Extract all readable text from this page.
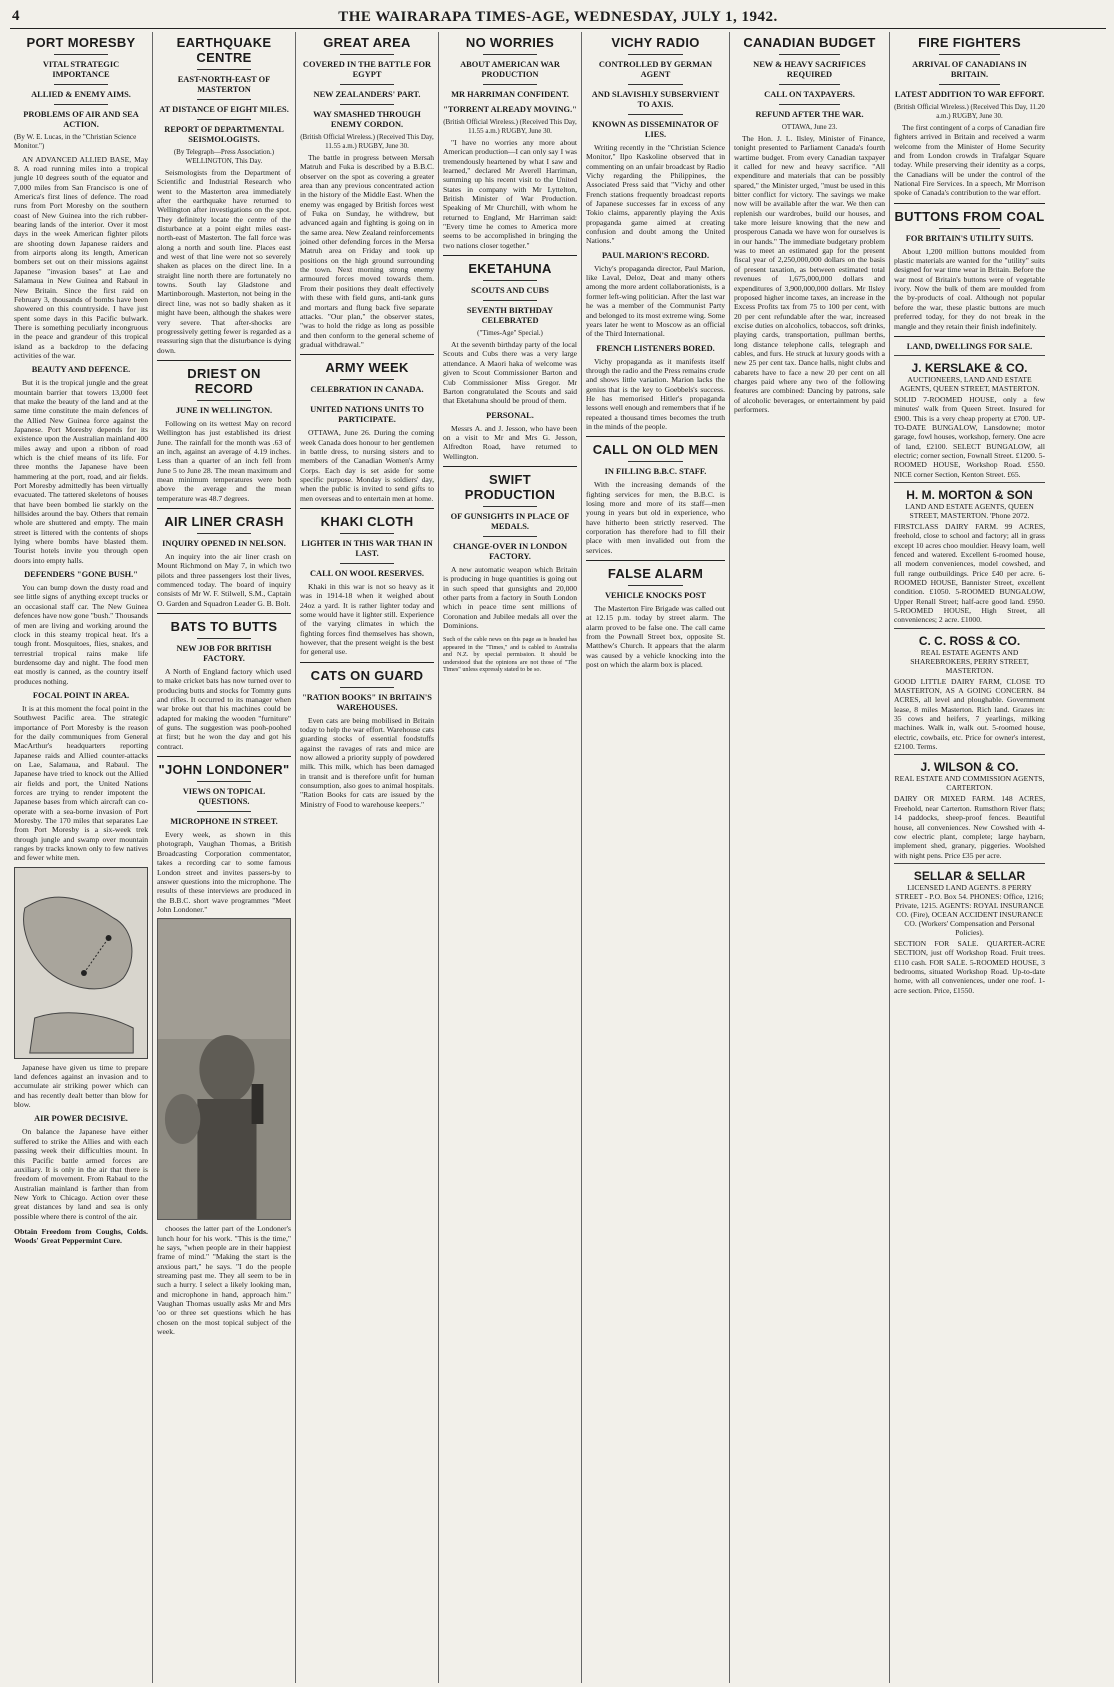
4	THE WAIRARAPA TIMES-AGE, WEDNESDAY, JULY 1, 1942.
PORT MORESBY
VITAL STRATEGIC IMPORTANCE
ALLIED & ENEMY AIMS.
PROBLEMS OF AIR AND SEA ACTION.
(By W. E. Lucas, in the "Christian Science Monitor.")

AN ADVANCED ALLIED BASE, May 8. A road running miles into a tropical jungle 10 degrees south of the equator and 7,000 miles from San Francisco is one of America's first lines of defence. The road runs from Port Moresby on the southern coast of New Guinea into the rich rubber-bearing lands of the interior. Over it most days in the week American fighter pilots are shooting down Japanese raiders and from airports along its length, American bombers set out on their missions against Japanese "invasion bases" at Lae and Salamaua in New Guinea and Rabaul in New Britain. Since the first raid on February 3, thousands of bombs have been showered on this countryside. I have just spent some days in this Pacific bulwark. There is something peculiarly incongruous in the peace and grandeur of this tropical island as a backdrop to the defacing activities of the war.

BEAUTY AND DEFENCE.

But it is the tropical jungle and the great mountain barrier that towers 13,000 feet that make the beauty of the land and at the same time constitute the main defences of the Allied New Guinea force against the Japanese. Port Moresby depends for its existence upon the Australian mainland 400 miles away and upon a ribbon of road which is the chief means of its life. For three months the Japanese have been hammering at the port, road, and air fields. Port Moresby admittedly has been virtually evacuated. The tattered skeletons of houses that have been bombed lie starkly on the hillsides around the bay. Others that remain whole are shuttered and empty. The main street is littered with the contents of shops lying where bombs have blasted them. Tourist hotels invite you through open doors into empty halls.

DEFENDERS "GONE BUSH."

You can bump down the dusty road and see little signs of anything except trucks or an occasional staff car. The New Guinea defences have now gone "bush." Thousands of men are living and working around the clock in this steamy tropical heat. It's a tough front. Mosquitoes, flies, snakes, and terrestrial tropical rains make life burdensome day and night. The food men eat mostly is canned, as the country itself produces nothing.

FOCAL POINT IN AREA.

It is at this moment the focal point in the Southwest Pacific area. The strategic importance of Port Moresby is the reason for the daily communiques from General MacArthur's headquarters reporting Japanese raids and Allied counter-attacks on Lae, Salamaua, and Rabaul. The Japanese have tried to knock out the Allied air fields and port, the United Nations forces are trying to render impotent the Japanese bases from which aircraft can co-operate with a sea-borne invasion of Port Moresby. The 170 miles that separates Lae from Port Moresby is a six-week trek through jungle and swamp over mountain ranges by tracks known only to few natives and fewer white men.

Japanese have given us time to prepare land defences against an invasion and to accumulate air striking power which can and has recently dealt better than blow for blow.

AIR POWER DECISIVE.

On balance the Japanese have either suffered to strike the Allies and with each passing week their difficulties mount. In this Pacific battle armed forces are auxiliary. It is only in the air that there is freedom of movement. From Rabaul to the Australian mainland is farther than from New York to Chicago. Action over these great distances by land and sea is only possible where there is control of the air.

Obtain Freedom from Coughs, Colds. Woods' Great Peppermint Cure.
EARTHQUAKE CENTRE
EAST-NORTH-EAST OF MASTERTON
AT DISTANCE OF EIGHT MILES.
REPORT OF DEPARTMENTAL SEISMOLOGISTS.
(By Telegraph—Press Association.) WELLINGTON, This Day.

Seismologists from the Department of Scientific and Industrial Research who went to the Masterton area immediately after the earthquake have returned to Wellington after investigations on the spot. They definitely locate the centre of the disturbance at a point eight miles east-north-east of Masterton. The fall force was along a north and south line. Places east and west of that line were not so severely shaken as places on the direct line. In a straight line north there are fortunately no towns. South lay Gladstone and Martinborough. Masterton, not being in the direct line, was not so badly shaken as it might have been, although the shakes were very severe. That after-shocks are progressively getting fewer is regarded as a reassuring sign that the disturbance is dying down.

DRIEST ON RECORD
JUNE IN WELLINGTON.

Following on its wettest May on record Wellington has just established its driest June. The rainfall for the month was .63 of an inch, against an average of 4.19 inches. Less than a quarter of an inch fell from June 5 to June 28. The mean maximum and mean minimum temperatures were both above the average and the mean temperature was 48.7 degrees.

AIR LINER CRASH
INQUIRY OPENED IN NELSON.

An inquiry into the air liner crash on Mount Richmond on May 7, in which two pilots and three passengers lost their lives, commenced today. The board of inquiry consists of Mr W. F. Stilwell, S.M., Captain O. Garden and Squadron Leader G. B. Bolt.

BATS TO BUTTS
NEW JOB FOR BRITISH FACTORY.

A North of England factory which used to make cricket bats has now turned over to producing butts and stocks for Tommy guns and rifles. It occurred to its manager when war broke out that his machines could be adapted for making the wooden "furniture" of guns. The suggestion was pooh-poohed at first; but he won the day and got his contract.

"JOHN LONDONER"
VIEWS ON TOPICAL QUESTIONS.
MICROPHONE IN STREET.

Every week, as shown in this photograph, Vaughan Thomas, a British Broadcasting Corporation commentator, takes a recording car to some famous London street and invites passers-by to answer questions into the microphone. The results of these interviews are produced in the B.B.C. short wave programmes "Meet John Londoner."

chooses the latter part of the Londoner's lunch hour for his work. "This is the time," he says, "when people are in their happiest frame of mind." "Making the start is the anxious part," he says. "I do the people streaming past me. They all seem to be in such a hurry. I select a likely looking man, and microphone in hand, approach him." Vaughan Thomas usually asks Mr and Mrs 'oo or three set questions which he has chosen on the most topical subject of the week.

GREAT AREA
COVERED IN THE BATTLE FOR EGYPT
NEW ZEALANDERS' PART.
WAY SMASHED THROUGH ENEMY CORDON.
(British Official Wireless.) (Received This Day, 11.55 a.m.) RUGBY, June 30.

The battle in progress between Mersah Matruh and Fuka is described by a B.B.C. observer on the spot as covering a greater area than any previous concentrated action in the history of the Middle East. When the enemy was engaged by British forces west of Fuka on Sunday, he withdrew, but advanced again and fighting is going on in the same area. New Zealand reinforcements joined other defending forces in the Mersa Matruh area on Friday and took up positions on the high ground surrounding the town. Next morning strong enemy armoured forces moved towards them. From their positions they dealt effectively with these with field guns, anti-tank guns and mortars and flung back five separate attacks. "Our plan," the observer states, "was to hold the ridge as long as possible and then conform to the general scheme of gradual withdrawal."

ARMY WEEK
CELEBRATION IN CANADA.
UNITED NATIONS UNITS TO PARTICIPATE.

OTTAWA, June 26. During the coming week Canada does honour to her gentlemen in battle dress, to nursing sisters and to members of the Canadian Women's Army Corps. Each day is set aside for some specific purpose. Monday is soldiers' day, when the public is invited to send gifts to men overseas and to entertain men at home.

KHAKI CLOTH
LIGHTER IN THIS WAR THAN IN LAST.
CALL ON WOOL RESERVES.

Khaki in this war is not so heavy as it was in 1914-18 when it weighed about 24oz a yard. It is rather lighter today and some would have it lighter still. Experience of the varying climates in which the fighting forces find themselves has shown, however, that the present weight is the best for general use.

CATS ON GUARD
"RATION BOOKS" IN BRITAIN'S WAREHOUSES.

Even cats are being mobilised in Britain today to help the war effort. Warehouse cats guarding stocks of essential foodstuffs against the ravages of rats and mice are now allowed a priority supply of powdered milk. This milk, which has been damaged in transit and is therefore unfit for human consumption, also goes to animal hospitals. "Ration Books for cats are issued by the Ministry of Food to warehouse keepers."

NO WORRIES
ABOUT AMERICAN WAR PRODUCTION
MR HARRIMAN CONFIDENT.
"TORRENT ALREADY MOVING."
(British Official Wireless.) (Received This Day, 11.55 a.m.) RUGBY, June 30.

"I have no worries any more about American production—I can only say I was tremendously heartened by what I saw and learned," declared Mr Averell Harriman, summing up his recent visit to the United States in company with Mr Lyttelton, British Minister of War Production. Speaking of Mr Churchill, with whom he returned to England, Mr Harriman said: "Every time he comes to America more seems to be accomplished in bringing the two nations closer together."

EKETAHUNA
SCOUTS AND CUBS
SEVENTH BIRTHDAY CELEBRATED
("Times-Age" Special.)

At the seventh birthday party of the local Scouts and Cubs there was a very large attendance. A Maori haka of welcome was given to Scout Commissioner Barton and Cub Commissioner Miss Gregor. Mr Barton congratulated the Scouts and said that Eketahuna should be proud of them.

PERSONAL.

Messrs A. and J. Jesson, who have been on a visit to Mr and Mrs G. Jesson, Alfredton Road, have returned to Wellington.

SWIFT PRODUCTION
OF GUNSIGHTS IN PLACE OF MEDALS.
CHANGE-OVER IN LONDON FACTORY.

A new automatic weapon which Britain is producing in huge quantities is going out in such speed that gunsights and 20,000 other parts from a factory in South London which in peace time sent millions of Coronation and Jubilee medals all over the Dominions.

Such of the cable news on this page as is headed has appeared in the "Times," and is cabled to Australia and N.Z. by special permission. It should be understood that the opinions are not those of "The Times" unless expressly stated to be so.
VICHY RADIO
CONTROLLED BY GERMAN AGENT
AND SLAVISHLY SUBSERVIENT TO AXIS.
KNOWN AS DISSEMINATOR OF LIES.

Writing recently in the "Christian Science Monitor," Ilpo Kaskoline observed that in commenting on an unfair broadcast by Radio Vichy regarding the Philippines, the Associated Press said that "Vichy and other French stations frequently broadcast reports of Japanese successes far in excess of any Tokio claims, apparently playing the Axis propaganda game aimed at creating confusion and doubt among the United Nations."

PAUL MARION'S RECORD.

Vichy's propaganda director, Paul Marion, like Laval, Deloz, Deat and many others among the more ardent collaborationists, is a former left-wing politician. After the last war he was a member of the Communist Party and belonged to its most extreme wing. Some years later he went to Moscow as an official of the Third International.

FRENCH LISTENERS BORED.

Vichy propaganda as it manifests itself through the radio and the Press remains crude and shows little variation. Marion lacks the genius that is the key to Goebbels's success. He has memorised Hitler's propaganda lessons well enough and remembers that if he repeated a thousand times becomes the truth in the minds of the people.

CALL ON OLD MEN
IN FILLING B.B.C. STAFF.

With the increasing demands of the fighting services for men, the B.B.C. is losing more and more of its staff—men young in years but old in experience, who have hitherto been strictly reserved. The corporation has therefore had to fill their place with men invalided out from the services.

FALSE ALARM
VEHICLE KNOCKS POST

The Masterton Fire Brigade was called out at 12.15 p.m. today by street alarm. The alarm proved to be false one. The call came from the Pownall Street box, opposite St. Matthew's Church. It appears that the alarm was caused by a vehicle knocking into the post on which the alarm box is placed.

CANADIAN BUDGET
NEW & HEAVY SACRIFICES REQUIRED
CALL ON TAXPAYERS.
REFUND AFTER THE WAR.
OTTAWA, June 23.

The Hon. J. L. Ilsley, Minister of Finance, tonight presented to Parliament Canada's fourth wartime budget. From every Canadian taxpayer it called for new and heavy sacrifice. "All expenditure and materials that can be possibly spared," the Minister urged, "must be used in this bitter conflict for victory. The savings we make now will be available after the war. We then can replenish our wardrobes, build our houses, and take more leisure knowing that the new and prosperous Canada we have won for ourselves is in our hands." The immediate budgetary problem was to meet an estimated gap for the present fiscal year of 2,250,000,000 dollars on the basis of present taxation, as between estimated total revenues of 1,675,000,000 dollars and expenditures of 3,900,000,000 dollars. Mr Ilsley proposed higher income taxes, an increase in the Excess Profits tax from 75 to 100 per cent, with 20 per cent refundable after the war, increased excise duties on alcoholics, tobaccos, soft drinks, playing cards, transportation, pullman berths, long distance telephone calls, telegraph and cables, and furs. He struck at luxury goods with a new 25 per cent tax. Dance halls, night clubs and cabarets have to face a new 20 per cent on all charges paid where any two of the following features are combined: Dancing by patrons, sale of alcoholic beverages, or entertainment by paid performers.

FIRE FIGHTERS
ARRIVAL OF CANADIANS IN BRITAIN.
LATEST ADDITION TO WAR EFFORT.
(British Official Wireless.) (Received This Day, 11.20 a.m.) RUGBY, June 30.

The first contingent of a corps of Canadian fire fighters arrived in Britain and received a warm welcome from the Minister of Home Security and from London crowds in Trafalgar Square today. While preserving their identity as a corps, the Canadians will be under the control of the National Fire Services. In a speech, Mr Morrison spoke of Canada's contribution to the war effort.

BUTTONS FROM COAL
FOR BRITAIN'S UTILITY SUITS.

About 1,200 million buttons moulded from plastic materials are wanted for the "utility" suits designed for war time wear in Britain. Before the war most of Britain's buttons were of vegetable ivory. Now the bulk of them are moulded from the by-products of coal. Although not popular before the war, these plastic buttons are much preferred today, for they do not break in the mangle and they retain their finish indefinitely.

LAND, DWELLINGS FOR SALE.
J. KERSLAKE & CO.
AUCTIONEERS, LAND AND ESTATE AGENTS, QUEEN STREET, MASTERTON.

SOLID 7-ROOMED HOUSE, only a few minutes' walk from Queen Street. Insured for £900. This is a very cheap property at £700. UP-TO-DATE BUNGALOW, Lansdowne; motor garage, fowl houses, workshop, fernery. One acre of land, £2100. SELECT BUNGALOW, all electric; corner section, Fownall Street. £1200. 5-ROOMED HOUSE, Workshop Road. £550. NICE corner Section, Kenton Street. £65.

H. M. MORTON & SON
LAND AND ESTATE AGENTS, QUEEN STREET, MASTERTON. 'Phone 2072.

FIRSTCLASS DAIRY FARM. 99 ACRES, freehold, close to school and factory; all in grass except 10 acres choo mouldier. Heavy loam, well fenced and watered. Excellent 6-roomed house, all modern conveniences, model cowshed, and full range outbuildings. Price £40 per acre. 6-ROOMED HOUSE, Bannister Street, excellent condition. £1050. 5-ROOMED BUNGALOW, Upper Renall Street; half-acre good land. £950. 5-ROOMED HOUSE, High Street, all conveniences; 2 acre. £1000.

C. C. ROSS & CO.
REAL ESTATE AGENTS AND SHAREBROKERS, PERRY STREET, MASTERTON.

GOOD LITTLE DAIRY FARM, CLOSE TO MASTERTON, AS A GOING CONCERN. 84 ACRES, all level and ploughable. Government lease, 8 miles Masterton. Rich land. Grazes in: 35 cows and heifers, 7 yearlings, milking machines. Walk in, walk out. 5-roomed house, electric, cowbails, etc. Price for owner's interest, £2100. Terms.

J. WILSON & CO.
REAL ESTATE AND COMMISSION AGENTS, CARTERTON.

DAIRY OR MIXED FARM. 148 ACRES, Freehold, near Carterton. Rumsthorn River flats; 14 paddocks, sheep-proof fences. Beautiful house, all conveniences. New Cowshed with 4-cow electric plant, complete; large haybarn, implement shed, granary, piggeries. Woolshed with night pens. Price £35 per acre.

SELLAR & SELLAR
LICENSED LAND AGENTS. 8 PERRY STREET - P.O. Box 54. PHONES: Office, 1216; Private, 1215. AGENTS: ROYAL INSURANCE CO. (Fire), OCEAN ACCIDENT INSURANCE CO. (Workers' Compensation and Personal Policies).

SECTION FOR SALE. QUARTER-ACRE SECTION, just off Workshop Road. Fruit trees. £110 cash. FOR SALE. 5-ROOMED HOUSE, 3 bedrooms, situated Workshop Road. Up-to-date home, with all conveniences, under one roof. 1-acre section. Price, £1550.
